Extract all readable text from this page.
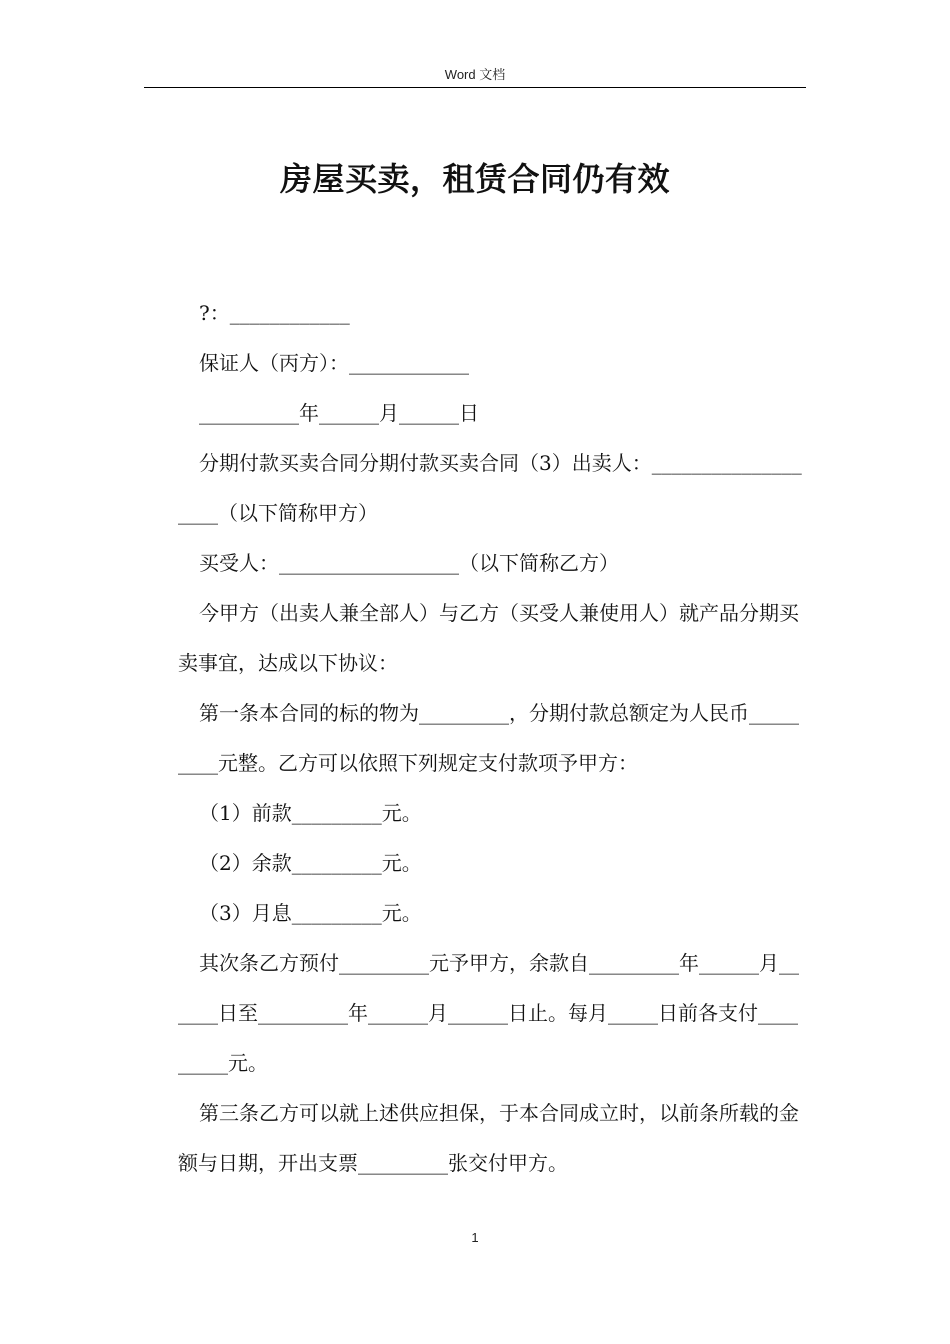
Word 文档
房屋买卖，租赁合同仍有效

?：____________

保证人（丙方）：____________

__________年______月______日

分期付款买卖合同分期付款买卖合同（3）出卖人：___________________（以下简称甲方）

买受人：__________________（以下简称乙方）

今甲方（出卖人兼全部人）与乙方（买受人兼使用人）就产品分期买卖事宜，达成以下协议：

第一条本合同的标的物为_________，分期付款总额定为人民币_________元整。乙方可以依照下列规定支付款项予甲方：

（1）前款_________元。

（2）余款_________元。

（3）月息_________元。

其次条乙方预付_________元予甲方，余款自_________年______月______日至_________年______月______日止。每月_____日前各支付_________元。

第三条乙方可以就上述供应担保，于本合同成立时，以前条所载的金额与日期，开出支票_________张交付甲方。

1
